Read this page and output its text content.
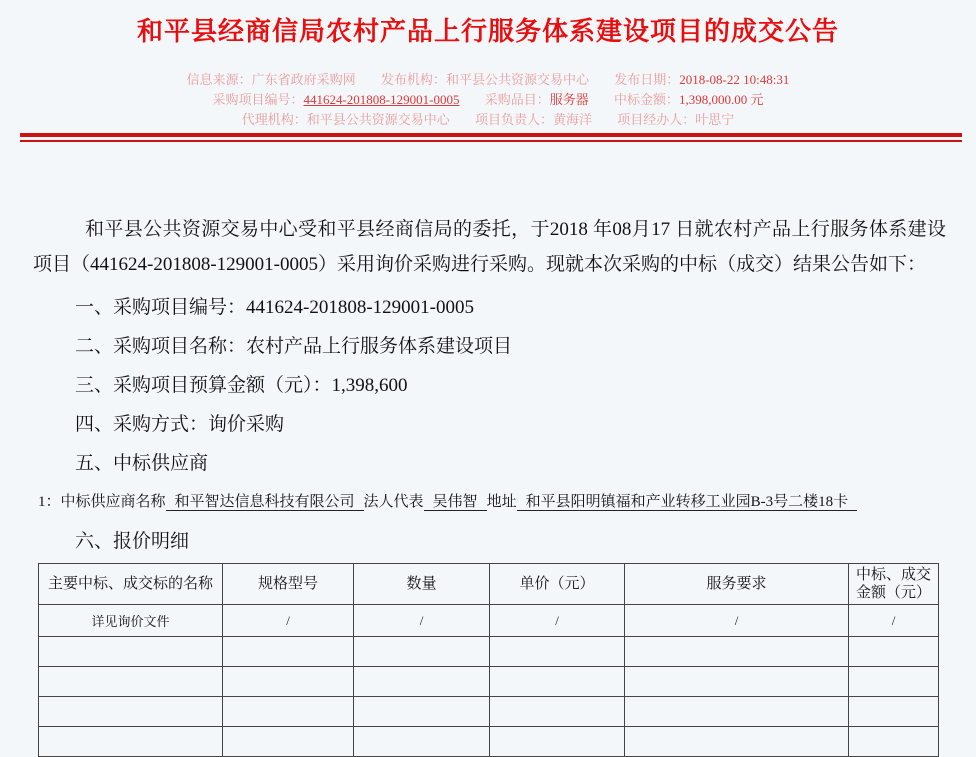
和平县经商信局农村产品上行服务体系建设项目的成交公告
信息来源：广东省政府采购网 发布机构：和平县公共资源交易中心 发布日期：2018-08-22 10:48:31
采购项目编号：441624-201808-129001-0005 采购品目：服务器 中标金额：1,398,000.00 元
代理机构：和平县公共资源交易中心 项目负责人：黄海洋 项目经办人：叶思宁

和平县公共资源交易中心受和平县经商信局的委托，于2018 年08月17 日就农村产品上行服务体系建设项目（441624-201808-129001-0005）采用询价采购进行采购。现就本次采购的中标（成交）结果公告如下：

一、采购项目编号：441624-201808-129001-0005
二、采购项目名称：农村产品上行服务体系建设项目
三、采购项目预算金额（元）：1,398,600
四、采购方式：询价采购
五、中标供应商
1：中标供应商名称 和平智达信息科技有限公司 法人代表 吴伟智 地址 和平县阳明镇福和产业转移工业园B-3号二楼18卡
六、报价明细
主要中标、成交标的名称	规格型号	数量	单价（元）	服务要求	中标、成交金额（元）
详见询价文件	/	/	/	/	/
